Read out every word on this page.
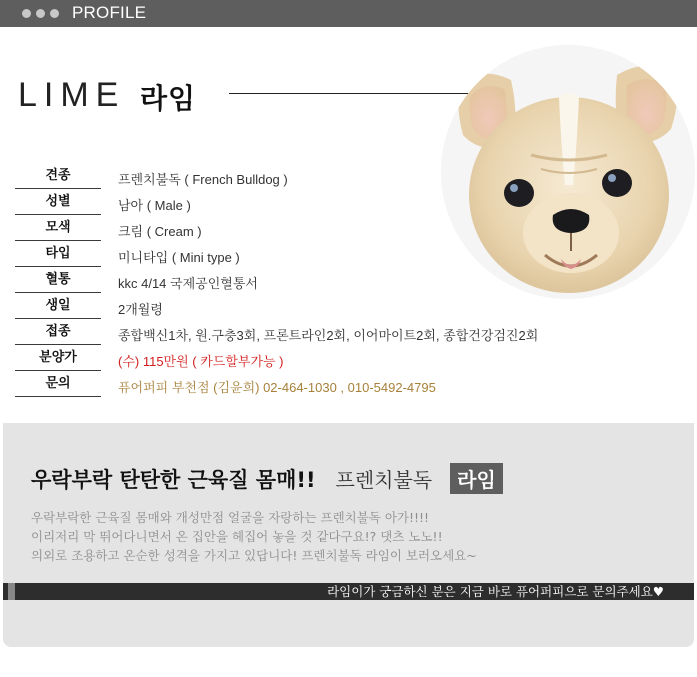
PROFILE
LIME 라임
견종	프렌치불독 ( French Bulldog )
성별	남아 ( Male )
모색	크림 ( Cream )
타입	미니타입 ( Mini type )
혈통	kkc 4/14 국제공인혈통서
생일	2개월령
접종	종합백신1차, 원.구충3회, 프론트라인2회, 이어마이트2회, 종합건강검진2회
분양가	(수) 115만원 ( 카드할부가능 )
문의	퓨어퍼피 부천점 (김윤희) 02-464-1030 , 010-5492-4795
우락부락 탄탄한 근육질 몸매!! 프렌치불독	라임

우락부락한 근육질 몸매와 개성만점 얼굴을 자랑하는 프렌치불독 아가!!!!

이리저리 막 뛰어다니면서 온 집안을 헤집어 놓을 것 같다구요!? 댓츠 노노!!

의외로 조용하고 온순한 성격을 가지고 있답니다! 프렌치불독 라임이 보러오세요~

라임이가 궁금하신 분은 지금 바로 퓨어퍼피으로 문의주세요♥
